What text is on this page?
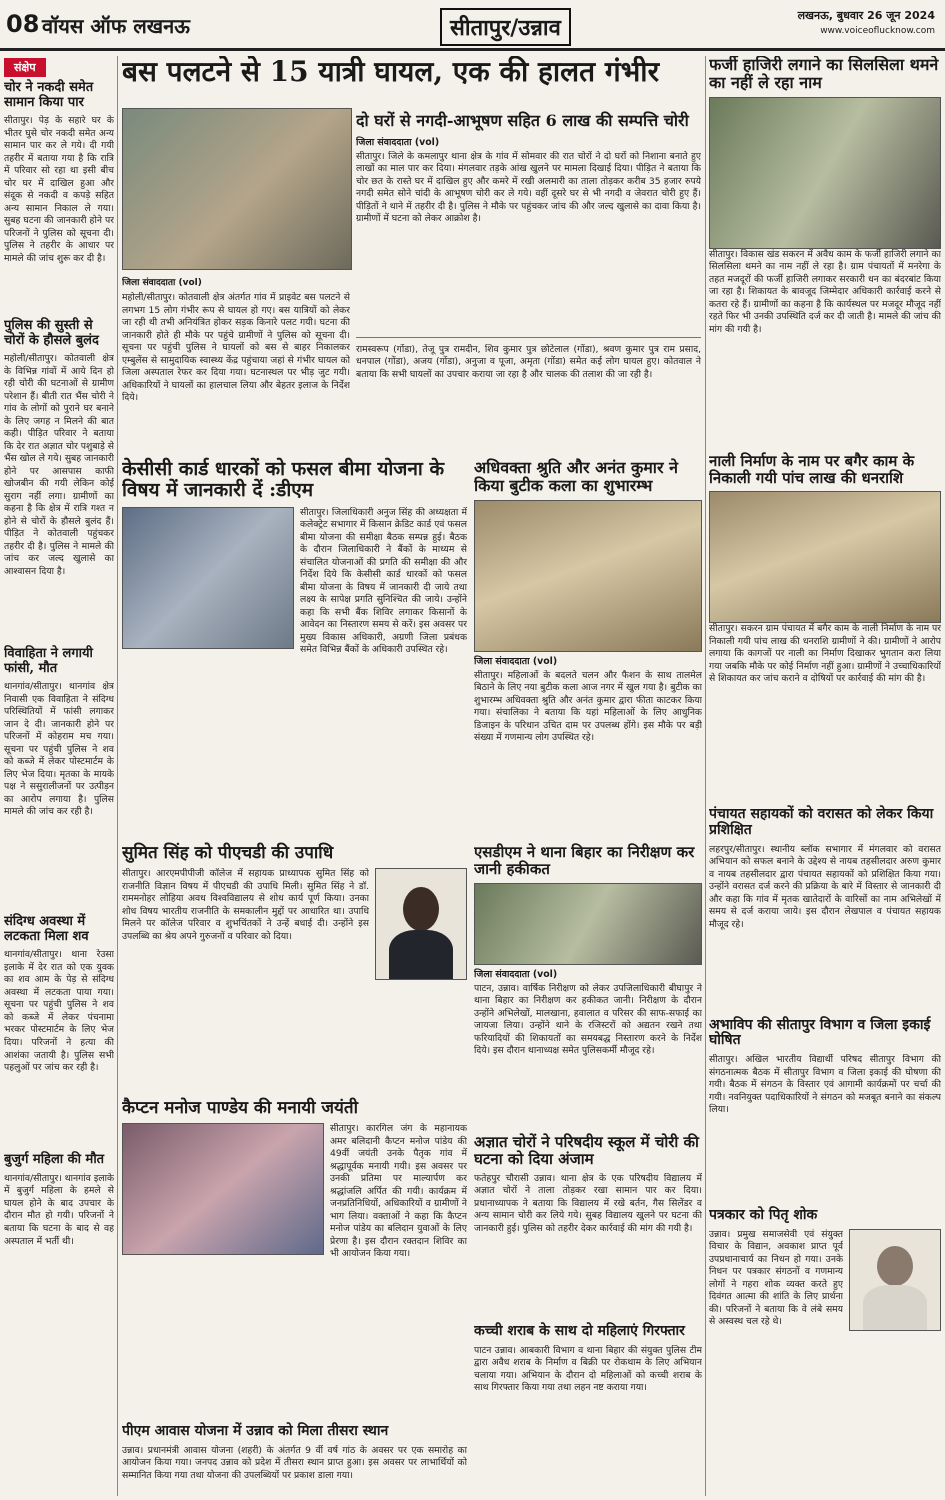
08 वॉयस ऑफ लखनऊ	सीतापुर/उन्नाव
लखनऊ, बुधवार 26 जून 2024
www.voiceoflucknow.com
संक्षेप
चोर ने नकदी समेत सामान किया पार

सीतापुर। पेड़ के सहारे घर के भीतर घुसे चोर नकदी समेत अन्य सामान पार कर ले गये। दी गयी तहरीर में बताया गया है कि रात्रि में परिवार सो रहा था इसी बीच चोर घर में दाखिल हुआ और संदूक से नकदी व कपड़े सहित अन्य सामान निकाल ले गया। सुबह घटना की जानकारी होने पर परिजनों ने पुलिस को सूचना दी। पुलिस ने तहरीर के आधार पर मामले की जांच शुरू कर दी है।

पुलिस की सुस्ती से चोरों के हौसले बुलंद

महोली/सीतापुर। कोतवाली क्षेत्र के विभिन्न गांवों में आये दिन हो रही चोरी की घटनाओं से ग्रामीण परेशान हैं। बीती रात भैंस चोरी ने गांव के लोगों को पुराने घर बनाने के लिए जगह न मिलने की बात कही। पीड़ित परिवार ने बताया कि देर रात अज्ञात चोर पशुबाड़े से भैंस खोल ले गये। सुबह जानकारी होने पर आसपास काफी खोजबीन की गयी लेकिन कोई सुराग नहीं लगा। ग्रामीणों का कहना है कि क्षेत्र में रात्रि गश्त न होने से चोरों के हौसले बुलंद हैं। पीड़ित ने कोतवाली पहुंचकर तहरीर दी है। पुलिस ने मामले की जांच कर जल्द खुलासे का आश्वासन दिया है।

विवाहिता ने लगायी फांसी, मौत

थानगांव/सीतापुर। थानगांव क्षेत्र निवासी एक विवाहिता ने संदिग्ध परिस्थितियों में फांसी लगाकर जान दे दी। जानकारी होने पर परिजनों में कोहराम मच गया। सूचना पर पहुंची पुलिस ने शव को कब्जे में लेकर पोस्टमार्टम के लिए भेज दिया। मृतका के मायके पक्ष ने ससुरालीजनों पर उत्पीड़न का आरोप लगाया है। पुलिस मामले की जांच कर रही है।

संदिग्ध अवस्था में लटकता मिला शव

थानगांव/सीतापुर। थाना रेउसा इलाके में देर रात को एक युवक का शव आम के पेड़ से संदिग्ध अवस्था में लटकता पाया गया। सूचना पर पहुंची पुलिस ने शव को कब्जे में लेकर पंचनामा भरकर पोस्टमार्टम के लिए भेज दिया। परिजनों ने हत्या की आशंका जतायी है। पुलिस सभी पहलुओं पर जांच कर रही है।

बुजुर्ग महिला की मौत

थानगांव/सीतापुर। थानगांव इलाके में बुजुर्ग महिला के हमले से घायल होने के बाद उपचार के दौरान मौत हो गयी। परिजनों ने बताया कि घटना के बाद से वह अस्पताल में भर्ती थी।

बस पलटने से 15 यात्री घायल, एक की हालत गंभीर
जिला संवाददाता (vol)

महोली/सीतापुर। कोतवाली क्षेत्र अंतर्गत गांव में प्राइवेट बस पलटने से लगभग 15 लोग गंभीर रूप से घायल हो गए। बस यात्रियों को लेकर जा रही थी तभी अनियंत्रित होकर सड़क किनारे पलट गयी। घटना की जानकारी होते ही मौके पर पहुंचे ग्रामीणों ने पुलिस को सूचना दी। सूचना पर पहुंची पुलिस ने घायलों को बस से बाहर निकालकर एम्बुलेंस से सामुदायिक स्वास्थ्य केंद्र पहुंचाया जहां से गंभीर घायल को जिला अस्पताल रेफर कर दिया गया। घटनास्थल पर भीड़ जुट गयी। अधिकारियों ने घायलों का हालचाल लिया और बेहतर इलाज के निर्देश दिये।

दो घरों से नगदी-आभूषण सहित 6 लाख की सम्पत्ति चोरी
जिला संवाददाता (vol)

सीतापुर। जिले के कमलापुर थाना क्षेत्र के गांव में सोमवार की रात चोरों ने दो घरों को निशाना बनाते हुए लाखों का माल पार कर दिया। मंगलवार तड़के आंख खुलने पर मामला दिखाई दिया। पीड़ित ने बताया कि चोर छत के रास्ते घर में दाखिल हुए और कमरे में रखी अलमारी का ताला तोड़कर करीब 35 हजार रुपये नगदी समेत सोने चांदी के आभूषण चोरी कर ले गये। वहीं दूसरे घर से भी नगदी व जेवरात चोरी हुए हैं। पीड़ितों ने थाने में तहरीर दी है। पुलिस ने मौके पर पहुंचकर जांच की और जल्द खुलासे का दावा किया है। ग्रामीणों में घटना को लेकर आक्रोश है।

रामस्वरूप (गोंडा), तेजू पुत्र रामदीन, शिव कुमार पुत्र छोटेलाल (गोंडा), श्रवण कुमार पुत्र राम प्रसाद, धनपाल (गोंडा), अजय (गोंडा), अनुजा व पूजा, अमृता (गोंडा) समेत कई लोग घायल हुए। कोतवाल ने बताया कि सभी घायलों का उपचार कराया जा रहा है और चालक की तलाश की जा रही है।

केसीसी कार्ड धारकों को फसल बीमा योजना के विषय में जानकारी दें :डीएम

सीतापुर। जिलाधिकारी अनुज सिंह की अध्यक्षता में कलेक्ट्रेट सभागार में किसान क्रेडिट कार्ड एवं फसल बीमा योजना की समीक्षा बैठक सम्पन्न हुई। बैठक के दौरान जिलाधिकारी ने बैंकों के माध्यम से संचालित योजनाओं की प्रगति की समीक्षा की और निर्देश दिये कि केसीसी कार्ड धारकों को फसल बीमा योजना के विषय में जानकारी दी जाये तथा लक्ष्य के सापेक्ष प्रगति सुनिश्चित की जाये। उन्होंने कहा कि सभी बैंक शिविर लगाकर किसानों के आवेदन का निस्तारण समय से करें। इस अवसर पर मुख्य विकास अधिकारी, अग्रणी जिला प्रबंधक समेत विभिन्न बैंकों के अधिकारी उपस्थित रहे।

सुमित सिंह को पीएचडी की उपाधि

सीतापुर। आरएमपीपीजी कॉलेज में सहायक प्राध्यापक सुमित सिंह को राजनीति विज्ञान विषय में पीएचडी की उपाधि मिली। सुमित सिंह ने डॉ. राममनोहर लोहिया अवध विश्वविद्यालय से शोध कार्य पूर्ण किया। उनका शोध विषय भारतीय राजनीति के समकालीन मुद्दों पर आधारित था। उपाधि मिलने पर कॉलेज परिवार व शुभचिंतकों ने उन्हें बधाई दी। उन्होंने इस उपलब्धि का श्रेय अपने गुरुजनों व परिवार को दिया।

कैप्टन मनोज पाण्डेय की मनायी जयंती

सीतापुर। कारगिल जंग के महानायक अमर बलिदानी कैप्टन मनोज पांडेय की 49वीं जयंती उनके पैतृक गांव में श्रद्धापूर्वक मनायी गयी। इस अवसर पर उनकी प्रतिमा पर माल्यार्पण कर श्रद्धांजलि अर्पित की गयी। कार्यक्रम में जनप्रतिनिधियों, अधिकारियों व ग्रामीणों ने भाग लिया। वक्ताओं ने कहा कि कैप्टन मनोज पांडेय का बलिदान युवाओं के लिए प्रेरणा है। इस दौरान रक्तदान शिविर का भी आयोजन किया गया।

पीएम आवास योजना में उन्नाव को मिला तीसरा स्थान

उन्नाव। प्रधानमंत्री आवास योजना (शहरी) के अंतर्गत 9 वीं वर्ष गांठ के अवसर पर एक समारोह का आयोजन किया गया। जनपद उन्नाव को प्रदेश में तीसरा स्थान प्राप्त हुआ। इस अवसर पर लाभार्थियों को सम्मानित किया गया तथा योजना की उपलब्धियों पर प्रकाश डाला गया।

अधिवक्ता श्रुति और अनंत कुमार ने किया बुटीक कला का शुभारम्भ
जिला संवाददाता (vol)

सीतापुर। महिलाओं के बदलते चलन और फैशन के साथ तालमेल बिठाने के लिए नया बुटीक कला आज नगर में खुल गया है। बुटीक का शुभारम्भ अधिवक्ता श्रुति और अनंत कुमार द्वारा फीता काटकर किया गया। संचालिका ने बताया कि यहां महिलाओं के लिए आधुनिक डिजाइन के परिधान उचित दाम पर उपलब्ध होंगे। इस मौके पर बड़ी संख्या में गणमान्य लोग उपस्थित रहे।

एसडीएम ने थाना बिहार का निरीक्षण कर जानी हकीकत
जिला संवाददाता (vol)

पाटन, उन्नाव। वार्षिक निरीक्षण को लेकर उपजिलाधिकारी बीघापुर ने थाना बिहार का निरीक्षण कर हकीकत जानी। निरीक्षण के दौरान उन्होंने अभिलेखों, मालखाना, हवालात व परिसर की साफ-सफाई का जायजा लिया। उन्होंने थाने के रजिस्टरों को अद्यतन रखने तथा फरियादियों की शिकायतों का समयबद्ध निस्तारण करने के निर्देश दिये। इस दौरान थानाध्यक्ष समेत पुलिसकर्मी मौजूद रहे।

अज्ञात चोरों ने परिषदीय स्कूल में चोरी की घटना को दिया अंजाम

फतेहपुर चौरासी उन्नाव। थाना क्षेत्र के एक परिषदीय विद्यालय में अज्ञात चोरों ने ताला तोड़कर रखा सामान पार कर दिया। प्रधानाध्यापक ने बताया कि विद्यालय में रखे बर्तन, गैस सिलेंडर व अन्य सामान चोरी कर लिये गये। सुबह विद्यालय खुलने पर घटना की जानकारी हुई। पुलिस को तहरीर देकर कार्रवाई की मांग की गयी है।

कच्ची शराब के साथ दो महिलाएं गिरफ्तार

पाटन उन्नाव। आबकारी विभाग व थाना बिहार की संयुक्त पुलिस टीम द्वारा अवैध शराब के निर्माण व बिक्री पर रोकथाम के लिए अभियान चलाया गया। अभियान के दौरान दो महिलाओं को कच्ची शराब के साथ गिरफ्तार किया गया तथा लहन नष्ट कराया गया।

फर्जी हाजिरी लगाने का सिलसिला थमने का नहीं ले रहा नाम

सीतापुर। विकास खंड सकरन में अवैध काम के फर्जी हाजिरी लगाने का सिलसिला थमने का नाम नहीं ले रहा है। ग्राम पंचायतों में मनरेगा के तहत मजदूरों की फर्जी हाजिरी लगाकर सरकारी धन का बंदरबांट किया जा रहा है। शिकायत के बावजूद जिम्मेदार अधिकारी कार्रवाई करने से कतरा रहे हैं। ग्रामीणों का कहना है कि कार्यस्थल पर मजदूर मौजूद नहीं रहते फिर भी उनकी उपस्थिति दर्ज कर दी जाती है। मामले की जांच की मांग की गयी है।

नाली निर्माण के नाम पर बगैर काम के निकाली गयी पांच लाख की धनराशि

सीतापुर। सकरन ग्राम पंचायत में बगैर काम के नाली निर्माण के नाम पर निकाली गयी पांच लाख की धनराशि ग्रामीणों ने की। ग्रामीणों ने आरोप लगाया कि कागजों पर नाली का निर्माण दिखाकर भुगतान करा लिया गया जबकि मौके पर कोई निर्माण नहीं हुआ। ग्रामीणों ने उच्चाधिकारियों से शिकायत कर जांच कराने व दोषियों पर कार्रवाई की मांग की है।

पंचायत सहायकों को वरासत को लेकर किया प्रशिक्षित

लहरपुर/सीतापुर। स्थानीय ब्लॉक सभागार में मंगलवार को वरासत अभियान को सफल बनाने के उद्देश्य से नायब तहसीलदार अरुण कुमार व नायब तहसीलदार द्वारा पंचायत सहायकों को प्रशिक्षित किया गया। उन्होंने वरासत दर्ज करने की प्रक्रिया के बारे में विस्तार से जानकारी दी और कहा कि गांव में मृतक खातेदारों के वारिसों का नाम अभिलेखों में समय से दर्ज कराया जाये। इस दौरान लेखपाल व पंचायत सहायक मौजूद रहे।

अभाविप की सीतापुर विभाग व जिला इकाई घोषित

सीतापुर। अखिल भारतीय विद्यार्थी परिषद सीतापुर विभाग की संगठनात्मक बैठक में सीतापुर विभाग व जिला इकाई की घोषणा की गयी। बैठक में संगठन के विस्तार एवं आगामी कार्यक्रमों पर चर्चा की गयी। नवनियुक्त पदाधिकारियों ने संगठन को मजबूत बनाने का संकल्प लिया।

पत्रकार को पितृ शोक

उन्नाव। प्रमुख समाजसेवी एवं संयुक्त विचार के विद्यान, अवकाश प्राप्त पूर्व उपप्रधानाचार्य का निधन हो गया। उनके निधन पर पत्रकार संगठनों व गणमान्य लोगों ने गहरा शोक व्यक्त करते हुए दिवंगत आत्मा की शांति के लिए प्रार्थना की। परिजनों ने बताया कि वे लंबे समय से अस्वस्थ चल रहे थे।
